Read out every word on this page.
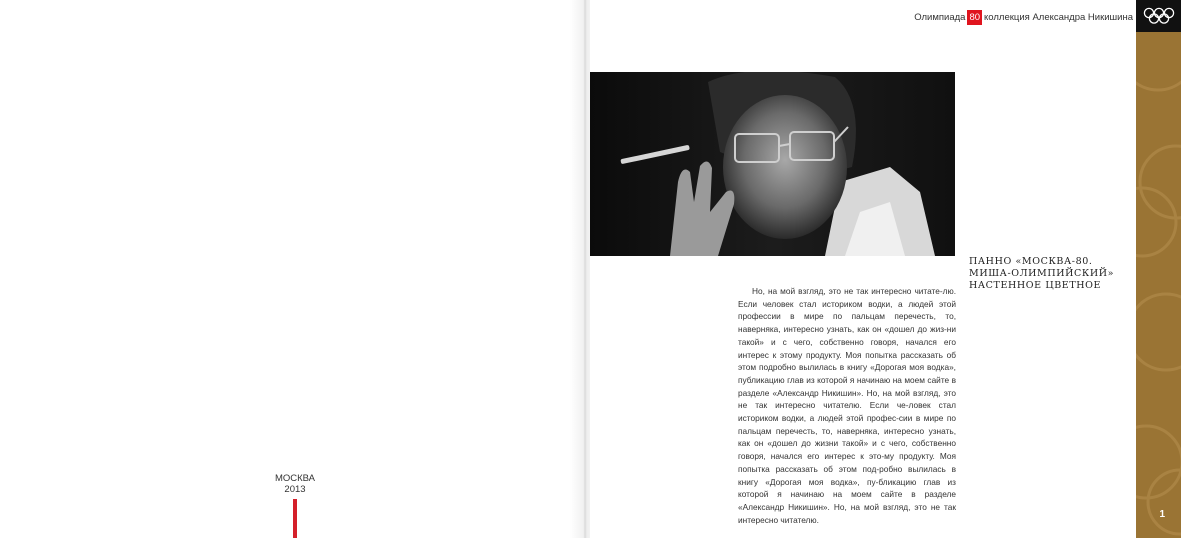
МОСКВА
2013
Олимпиада 80 коллекция Александра Никишина
1
ПАННО «МОСКВА-80.
МИША-ОЛИМПИЙСКИЙ»
НАСТЕННОЕ ЦВЕТНОЕ
Но, на мой взгляд, это не так интересно читате-лю. Если человек стал историком водки, а людей этой профессии в мире по пальцам перечесть, то, наверняка, интересно узнать, как он «дошел до жиз-ни такой» и с чего, собственно говоря, начался его интерес к этому продукту. Моя попытка рассказать об этом подробно вылилась в книгу «Дорогая моя водка», публикацию глав из которой я начинаю на моем сайте в разделе «Александр Никишин». Но, на мой взгляд, это не так интересно читателю. Если че-ловек стал историком водки, а людей этой профес-сии в мире по пальцам перечесть, то, наверняка, интересно узнать, как он «дошел до жизни такой» и с чего, собственно говоря, начался его интерес к это-му продукту. Моя попытка рассказать об этом под-робно вылилась в книгу «Дорогая моя водка», пу-бликацию глав из которой я начинаю на моем сайте в разделе «Александр Никишин». Но, на мой взгляд, это не так интересно читателю.
